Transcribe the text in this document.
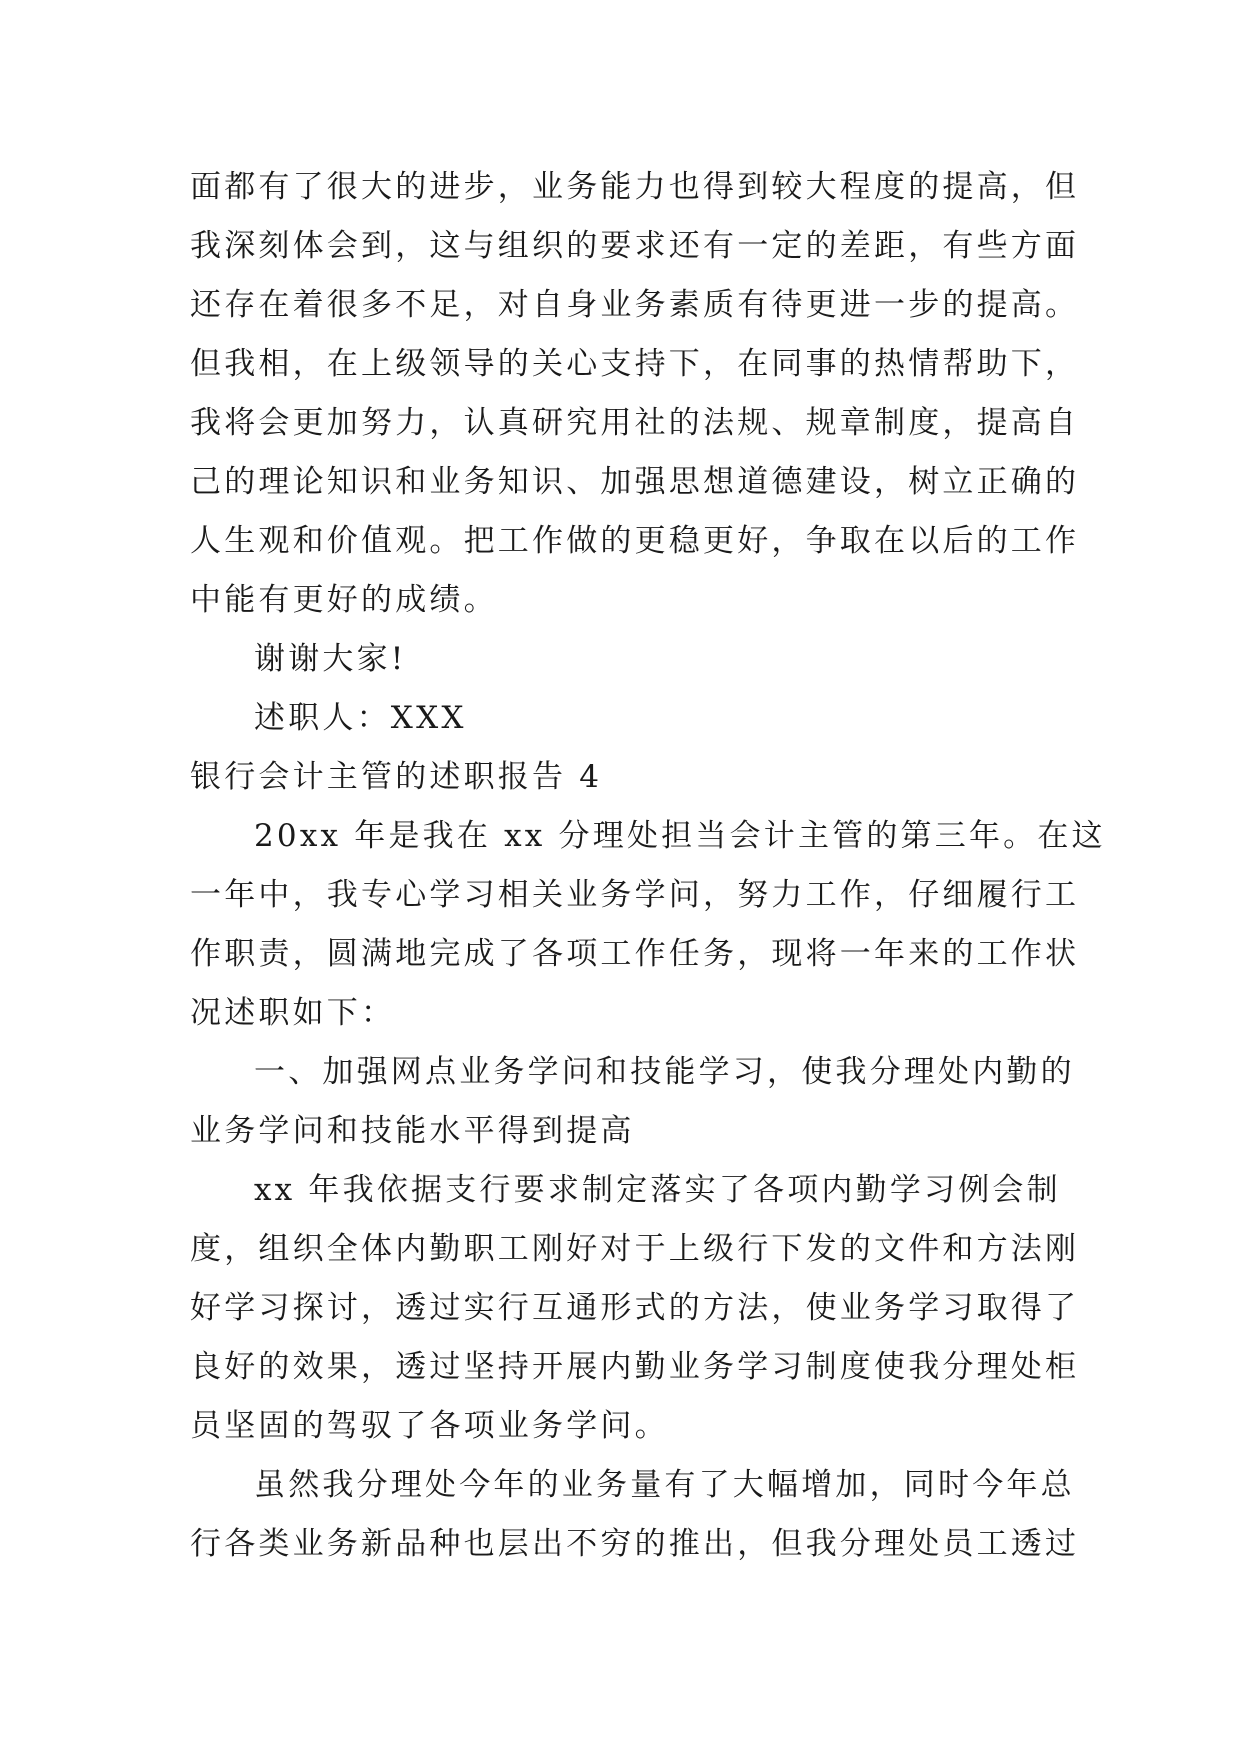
面都有了很大的进步，业务能力也得到较大程度的提高，但
我深刻体会到，这与组织的要求还有一定的差距，有些方面
还存在着很多不足，对自身业务素质有待更进一步的提高。
但我相，在上级领导的关心支持下，在同事的热情帮助下，
我将会更加努力，认真研究用社的法规、规章制度，提高自
己的理论知识和业务知识、加强思想道德建设，树立正确的
人生观和价值观。把工作做的更稳更好，争取在以后的工作
中能有更好的成绩。
谢谢大家!
述职人：XXX
银行会计主管的述职报告 4
20xx 年是我在 xx 分理处担当会计主管的第三年。在这
一年中，我专心学习相关业务学问，努力工作，仔细履行工
作职责，圆满地完成了各项工作任务，现将一年来的工作状
况述职如下：
一、加强网点业务学问和技能学习，使我分理处内勤的
业务学问和技能水平得到提高
xx 年我依据支行要求制定落实了各项内勤学习例会制
度，组织全体内勤职工刚好对于上级行下发的文件和方法刚
好学习探讨，透过实行互通形式的方法，使业务学习取得了
良好的效果，透过坚持开展内勤业务学习制度使我分理处柜
员坚固的驾驭了各项业务学问。
虽然我分理处今年的业务量有了大幅增加，同时今年总
行各类业务新品种也层出不穷的推出，但我分理处员工透过
